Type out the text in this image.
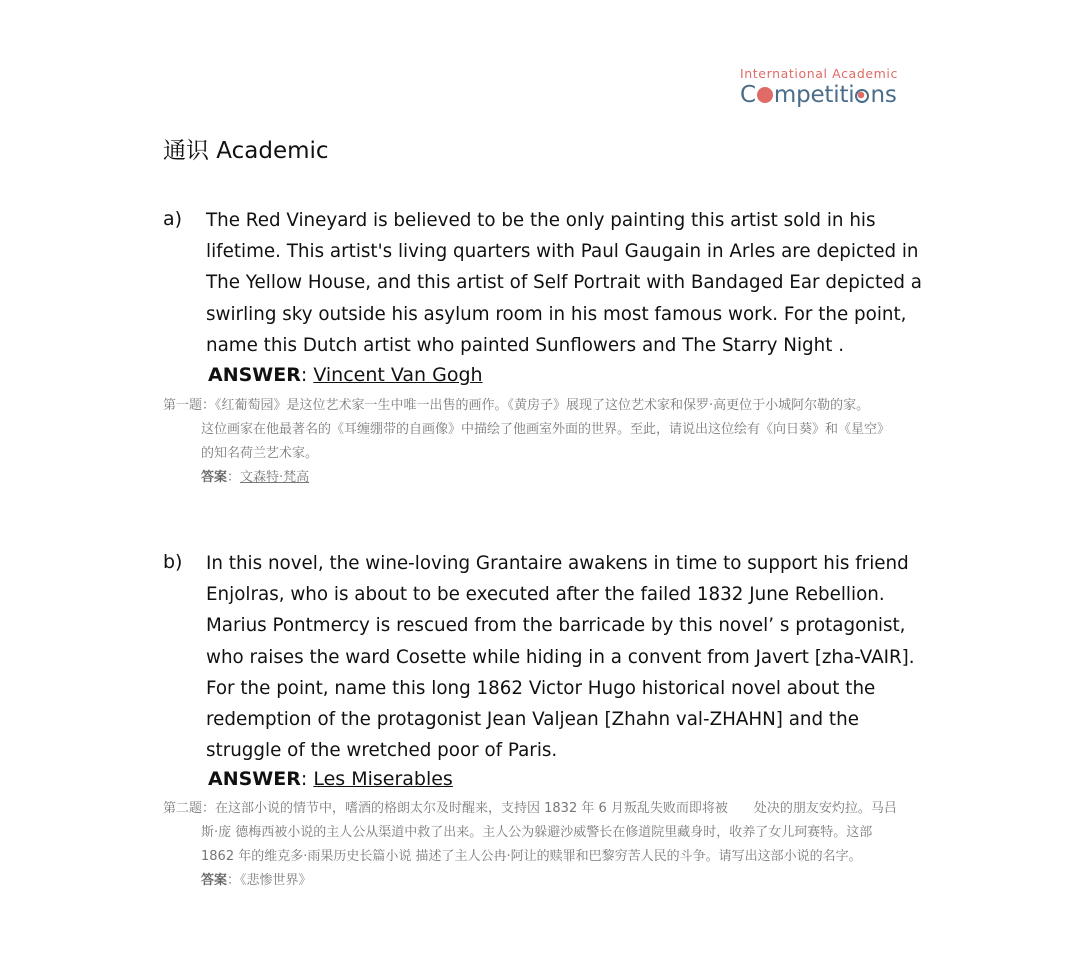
International Academic
C mpetiti ns
通识 Academic
a) The Red Vineyard is believed to be the only painting this artist sold in his lifetime. This artist's living quarters with Paul Gaugain in Arles are depicted in The Yellow House, and this artist of Self Portrait with Bandaged Ear depicted a swirling sky outside his asylum room in his most famous work. For the point, name this Dutch artist who painted Sunflowers and The Starry Night .
ANSWER: Vincent Van Gogh
第一题：《红葡萄园》是这位艺术家一生中唯一出售的画作。《黄房子》展现了这位艺术家和保罗·高更位于小城阿尔勒的家。
这位画家在他最著名的《耳缠绷带的自画像》中描绘了他画室外面的世界。至此，请说出这位绘有《向日葵》和《星空》
的知名荷兰艺术家。
答案：文森特·梵高
b) In this novel, the wine-loving Grantaire awakens in time to support his friend Enjolras, who is about to be executed after the failed 1832 June Rebellion. Marius Pontmercy is rescued from the barricade by this novel’ s protagonist, who raises the ward Cosette while hiding in a convent from Javert [zha-VAIR]. For the point, name this long 1862 Victor Hugo historical novel about the redemption of the protagonist Jean Valjean [Zhahn val-ZHAHN] and the struggle of the wretched poor of Paris.
ANSWER: Les Miserables
第二题：在这部小说的情节中，嗜酒的格朗太尔及时醒来，支持因 1832 年 6 月叛乱失败而即将被　　处决的朋友安灼拉。马吕
斯·庞 德梅西被小说的主人公从渠道中救了出来。主人公为躲避沙威警长在修道院里藏身时，收养了女儿珂赛特。这部
1862 年的维克多·雨果历史长篇小说 描述了主人公冉·阿让的赎罪和巴黎穷苦人民的斗争。请写出这部小说的名字。
答案：《悲惨世界》
